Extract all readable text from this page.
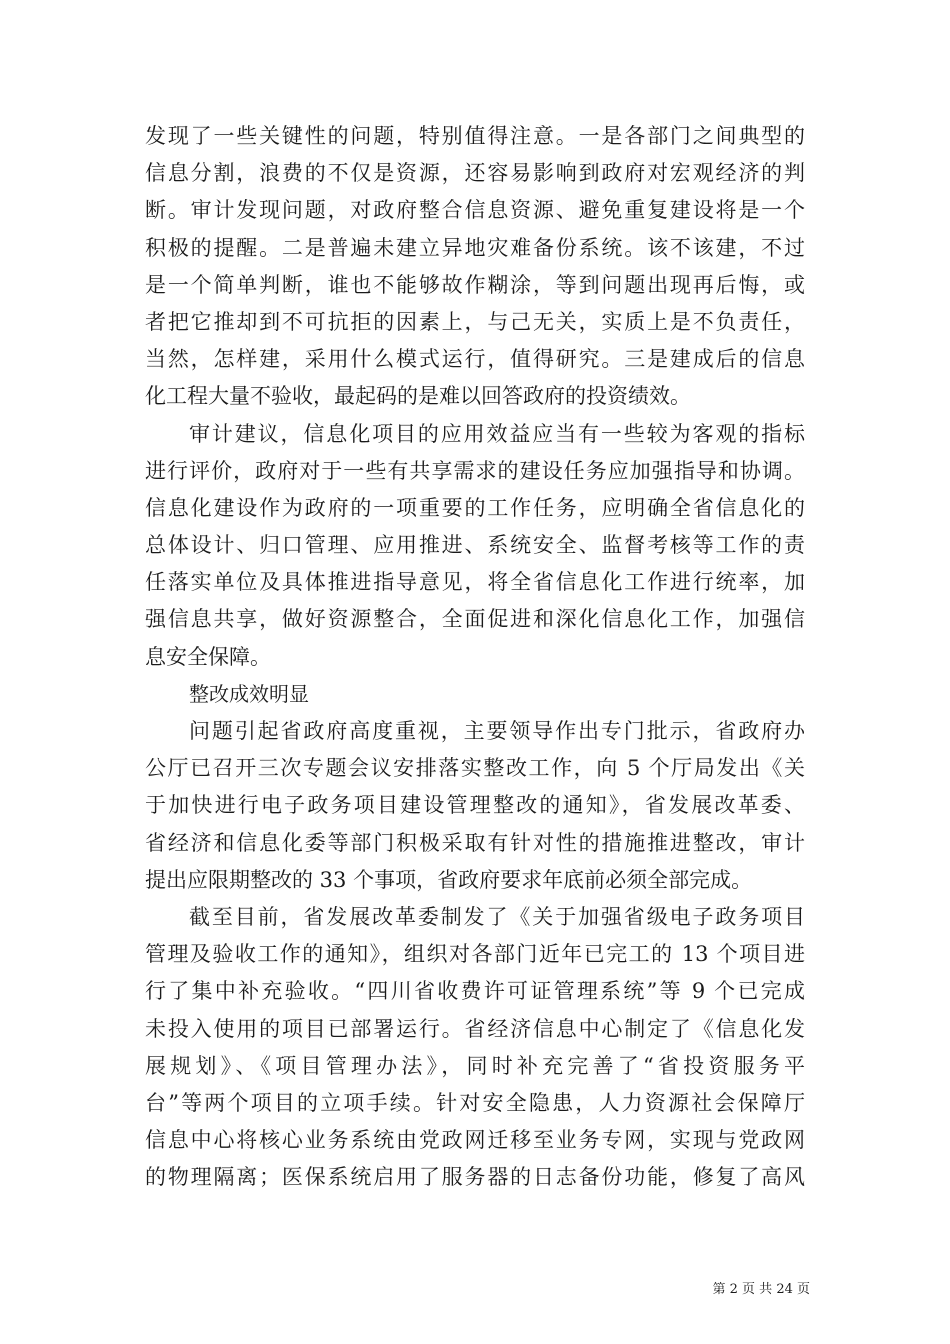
发现了一些关键性的问题，特别值得注意。一是各部门之间典型的
信息分割，浪费的不仅是资源，还容易影响到政府对宏观经济的判
断。审计发现问题，对政府整合信息资源、避免重复建设将是一个
积极的提醒。二是普遍未建立异地灾难备份系统。该不该建，不过
是一个简单判断，谁也不能够故作糊涂，等到问题出现再后悔，或
者把它推却到不可抗拒的因素上，与己无关，实质上是不负责任，
当然，怎样建，采用什么模式运行，值得研究。三是建成后的信息
化工程大量不验收，最起码的是难以回答政府的投资绩效。
审计建议，信息化项目的应用效益应当有一些较为客观的指标
进行评价，政府对于一些有共享需求的建设任务应加强指导和协调。
信息化建设作为政府的一项重要的工作任务，应明确全省信息化的
总体设计、归口管理、应用推进、系统安全、监督考核等工作的责
任落实单位及具体推进指导意见，将全省信息化工作进行统率，加
强信息共享，做好资源整合，全面促进和深化信息化工作，加强信
息安全保障。
整改成效明显
问题引起省政府高度重视，主要领导作出专门批示，省政府办
公厅已召开三次专题会议安排落实整改工作，向 5 个厅局发出《关
于加快进行电子政务项目建设管理整改的通知》，省发展改革委、
省经济和信息化委等部门积极采取有针对性的措施推进整改，审计
提出应限期整改的 33 个事项，省政府要求年底前必须全部完成。
截至目前，省发展改革委制发了《关于加强省级电子政务项目
管理及验收工作的通知》，组织对各部门近年已完工的 13 个项目进
行了集中补充验收。“四川省收费许可证管理系统”等 9 个已完成
未投入使用的项目已部署运行。省经济信息中心制定了《信息化发
展规划》、《项目管理办法》，同时补充完善了“省投资服务平
台”等两个项目的立项手续。针对安全隐患，人力资源社会保障厅
信息中心将核心业务系统由党政网迁移至业务专网，实现与党政网
的物理隔离；医保系统启用了服务器的日志备份功能，修复了高风
第 2 页 共 24 页
